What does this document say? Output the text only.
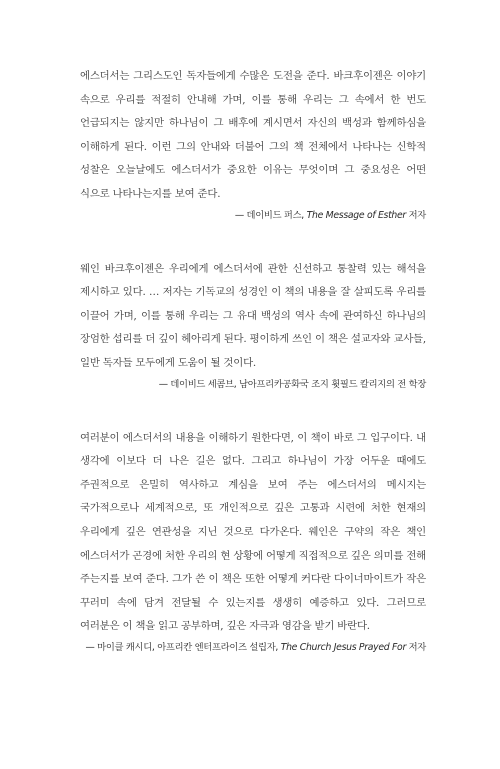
에스더서는 그리스도인 독자들에게 수많은 도전을 준다. 바크후이젠은 이야기 속으로 우리를 적절히 안내해 가며, 이를 통해 우리는 그 속에서 한 번도 언급되지는 않지만 하나님이 그 배후에 계시면서 자신의 백성과 함께하심을 이해하게 된다. 이런 그의 안내와 더불어 그의 책 전체에서 나타나는 신학적 성찰은 오늘날에도 에스더서가 중요한 이유는 무엇이며 그 중요성은 어떤 식으로 나타나는지를 보여 준다.

— 데이비드 퍼스, The Message of Esther 저자

웨인 바크후이젠은 우리에게 에스더서에 관한 신선하고 통찰력 있는 해석을 제시하고 있다. … 저자는 기독교의 성경인 이 책의 내용을 잘 살피도록 우리를 이끌어 가며, 이를 통해 우리는 그 유대 백성의 역사 속에 관여하신 하나님의 장엄한 섭리를 더 깊이 헤아리게 된다. 평이하게 쓰인 이 책은 설교자와 교사들, 일반 독자들 모두에게 도움이 될 것이다.

— 데이비드 세콤브, 남아프리카공화국 조지 휫필드 칼리지의 전 학장

여러분이 에스더서의 내용을 이해하기 원한다면, 이 책이 바로 그 입구이다. 내 생각에 이보다 더 나은 길은 없다. 그리고 하나님이 가장 어두운 때에도 주권적으로 은밀히 역사하고 계심을 보여 주는 에스더서의 메시지는 국가적으로나 세계적으로, 또 개인적으로 깊은 고통과 시련에 처한 현재의 우리에게 깊은 연관성을 지닌 것으로 다가온다. 웨인은 구약의 작은 책인 에스더서가 곤경에 처한 우리의 현 상황에 어떻게 직접적으로 깊은 의미를 전해 주는지를 보여 준다. 그가 쓴 이 책은 또한 어떻게 커다란 다이너마이트가 작은 꾸러미 속에 담겨 전달될 수 있는지를 생생히 예증하고 있다. 그러므로 여러분은 이 책을 읽고 공부하며, 깊은 자극과 영감을 받기 바란다.

— 마이클 캐시디, 아프리칸 엔터프라이즈 설립자, The Church Jesus Prayed For 저자
